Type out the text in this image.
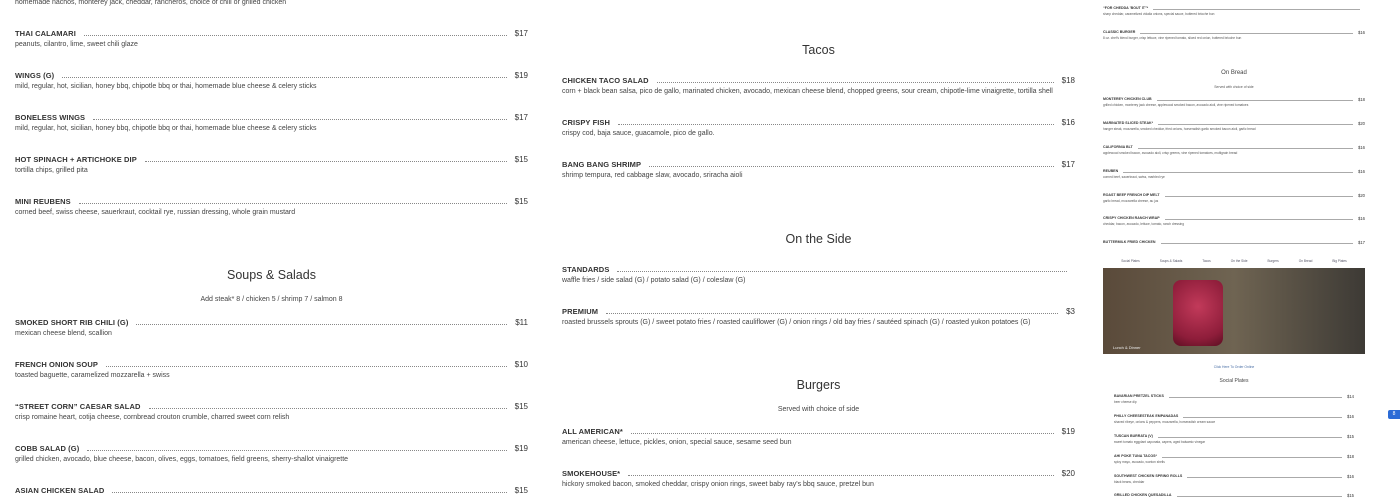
homemade nachos, monterey jack, cheddar, rancheros, choice of chili or grilled chicken
THAI CALAMARI	$17
peanuts, cilantro, lime, sweet chili glaze
WINGS (G)	$19
mild, regular, hot, sicilian, honey bbq, chipotle bbq or thai, homemade blue cheese & celery sticks
BONELESS WINGS	$17
mild, regular, hot, sicilian, honey bbq, chipotle bbq or thai, homemade blue cheese & celery sticks
HOT SPINACH + ARTICHOKE DIP	$15
tortilla chips, grilled pita
MINI REUBENS	$15
corned beef, swiss cheese, sauerkraut, cocktail rye, russian dressing, whole grain mustard
Soups & Salads
Add steak* 8 / chicken 5 / shrimp 7 / salmon 8
SMOKED SHORT RIB CHILI (G)	$11
mexican cheese blend, scallion
FRENCH ONION SOUP	$10
toasted baguette, caramelized mozzarella + swiss
“STREET CORN” CAESAR SALAD	$15
crisp romaine heart, cotija cheese, cornbread crouton crumble, charred sweet corn relish
COBB SALAD (G)	$19
grilled chicken, avocado, blue cheese, bacon, olives, eggs, tomatoes, field greens, sherry-shallot vinaigrette
ASIAN CHICKEN SALAD	$15
Tacos
CHICKEN TACO SALAD	$18
corn + black bean salsa, pico de gallo, marinated chicken, avocado, mexican cheese blend, chopped greens, sour cream, chipotle-lime vinaigrette, tortilla shell
CRISPY FISH	$16
crispy cod, baja sauce, guacamole, pico de gallo.
BANG BANG SHRIMP	$17
shrimp tempura, red cabbage slaw, avocado, sriracha aioli
On the Side
STANDARDS
waffle fries / side salad (G) / potato salad (G) / coleslaw (G)
PREMIUM	$3
roasted brussels sprouts (G) / sweet potato fries / roasted cauliflower (G) / onion rings / old bay fries / sautéed spinach (G) / roasted yukon potatoes (G)
Burgers
Served with choice of side
ALL AMERICAN*	$19
american cheese, lettuce, pickles, onion, special sauce, sesame seed bun
SMOKEHOUSE*	$20
hickory smoked bacon, smoked cheddar, crispy onion rings, sweet baby ray's bbq sauce, pretzel bun
“FOR CHEDDA ’BOUT IT”*
sharp cheddar, caramelized vidalia onions, special sauce, buttered brioche bun
CLASSIC BURGER	$16
8 oz. chef's blend burger, crisp lettuce, vine ripened tomato, sliced red onion, buttered brioche bun
On Bread
Served with choice of side
MONTEREY CHICKEN CLUB	$18
grilled chicken, monterey jack cheese, applewood smoked bacon, avocado aioli, vine ripened tomatoes
MARINATED SLICED STEAK*	$20
hanger steak, mozzarella, smoked cheddar, fried onions, horseradish garlic smoked bacon aioli, garlic bread
CALIFORNIA BLT	$16
applewood smoked bacon, avocado aioli, crisp greens, vine ripened tomatoes, multigrain bread
REUBEN	$16
corned beef, sauerkraut, swiss, marbled rye
ROAST BEEF FRENCH DIP MELT	$20
garlic bread, mozzarella cheese, au jus
CRISPY CHICKEN RANCH WRAP	$16
cheddar, bacon, avocado, lettuce, tomato, ranch dressing
BUTTERMILK FRIED CHICKEN	$17
Social Plates	Soups & Salads	Tacos	On the Side	Burgers	On Bread	Big Plates
Lunch & Dinner
Click Here To Order Online
Social Plates
BAVARIAN PRETZEL STICKS	$14
beer cheese dip
PHILLY CHEESESTEAK EMPANADAS	$16
shaved ribeye, onions & peppers, mozzarella, horseradish cream sauce
TUSCAN BURRATA (V)	$15
sweet tomato eggplant caponata, capers, aged balsamic vinegar
AHI POKE TUNA TACOS*	$18
spicy mayo, avocado, wonton shells
SOUTHWEST CHICKEN SPRING ROLLS	$16
black beans, cheddar
GRILLED CHICKEN QUESADILLA	$15
8
